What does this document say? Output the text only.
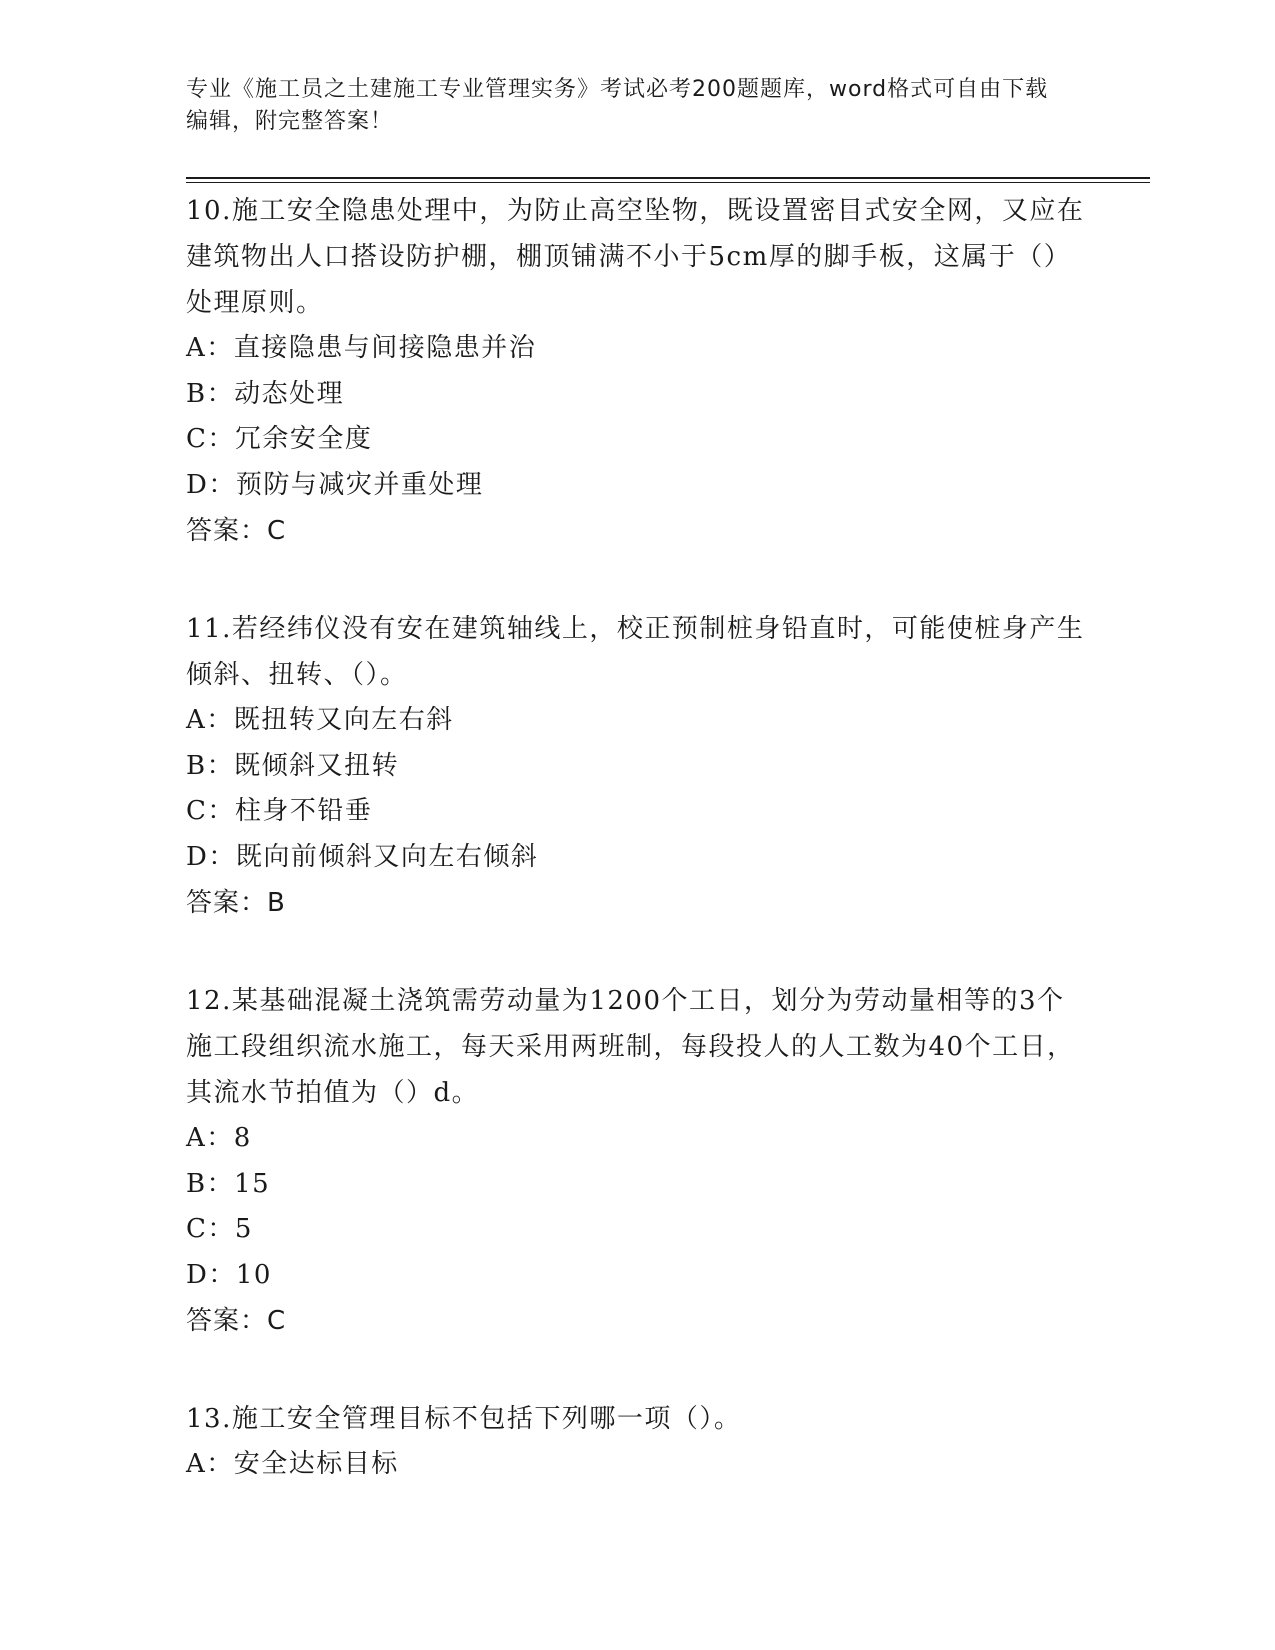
专业《施工员之土建施工专业管理实务》考试必考200题题库，word格式可自由下载编辑，附完整答案！
10.施工安全隐患处理中，为防止高空坠物，既设置密目式安全网，又应在建筑物出人口搭设防护棚，棚顶铺满不小于5cm厚的脚手板，这属于（）处理原则。
A：直接隐患与间接隐患并治
B：动态处理
C：冗余安全度
D：预防与减灾并重处理
答案：C
11.若经纬仪没有安在建筑轴线上，校正预制桩身铅直时，可能使桩身产生倾斜、扭转、（）。
A：既扭转又向左右斜
B：既倾斜又扭转
C：柱身不铅垂
D：既向前倾斜又向左右倾斜
答案：B
12.某基础混凝土浇筑需劳动量为1200个工日，划分为劳动量相等的3个施工段组织流水施工，每天采用两班制，每段投人的人工数为40个工日，其流水节拍值为（）d。
A：8
B：15
C：5
D：10
答案：C
13.施工安全管理目标不包括下列哪一项（）。
A：安全达标目标
